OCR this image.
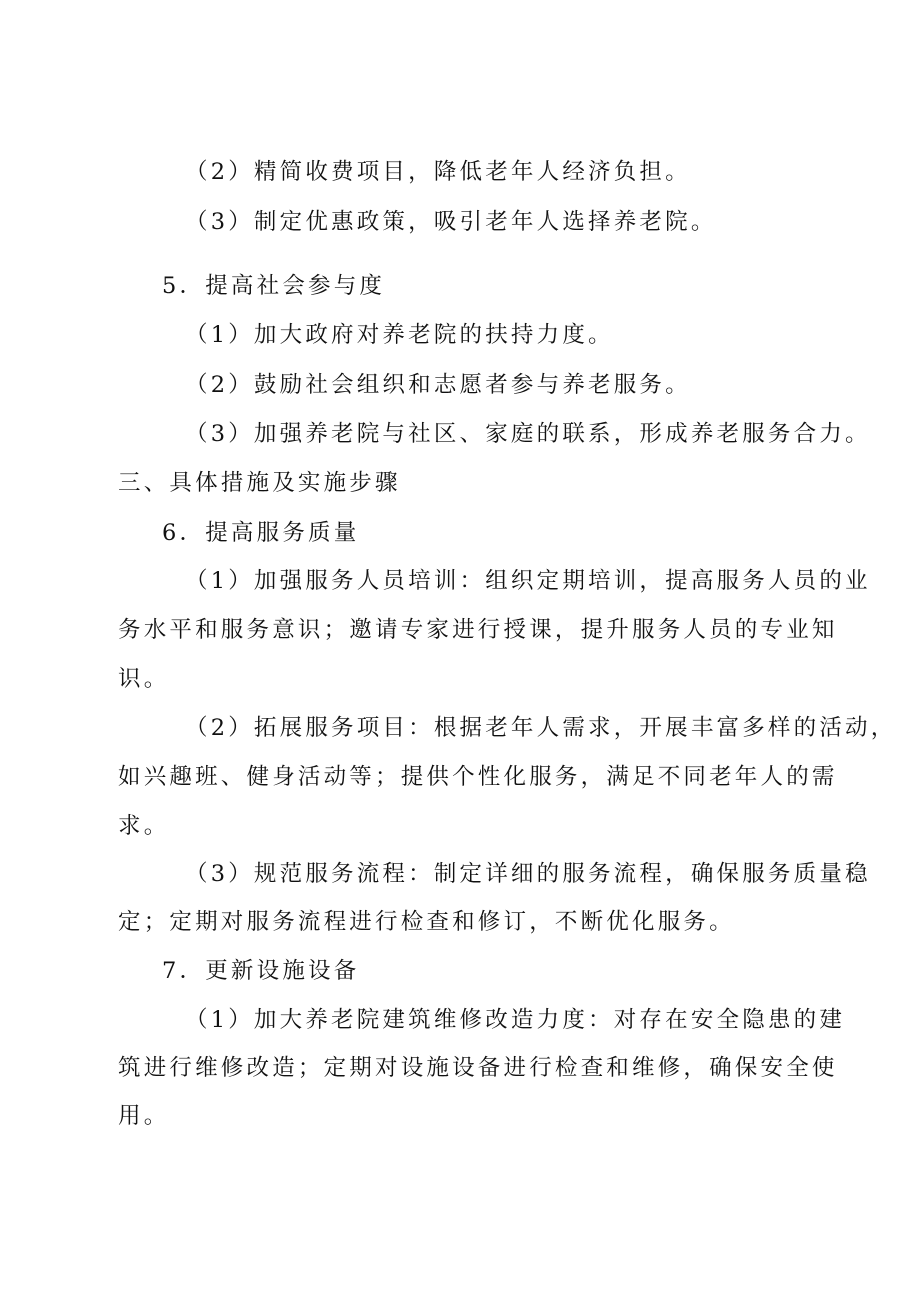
（2）精简收费项目，降低老年人经济负担。
（3）制定优惠政策，吸引老年人选择养老院。
5．提高社会参与度
（1）加大政府对养老院的扶持力度。
（2）鼓励社会组织和志愿者参与养老服务。
（3）加强养老院与社区、家庭的联系，形成养老服务合力。
三、具体措施及实施步骤
6．提高服务质量
（1）加强服务人员培训：组织定期培训，提高服务人员的业
务水平和服务意识；邀请专家进行授课，提升服务人员的专业知
识。
（2）拓展服务项目：根据老年人需求，开展丰富多样的活动，
如兴趣班、健身活动等；提供个性化服务，满足不同老年人的需
求。
（3）规范服务流程：制定详细的服务流程，确保服务质量稳
定；定期对服务流程进行检查和修订，不断优化服务。
7．更新设施设备
（1）加大养老院建筑维修改造力度：对存在安全隐患的建
筑进行维修改造；定期对设施设备进行检查和维修，确保安全使
用。
